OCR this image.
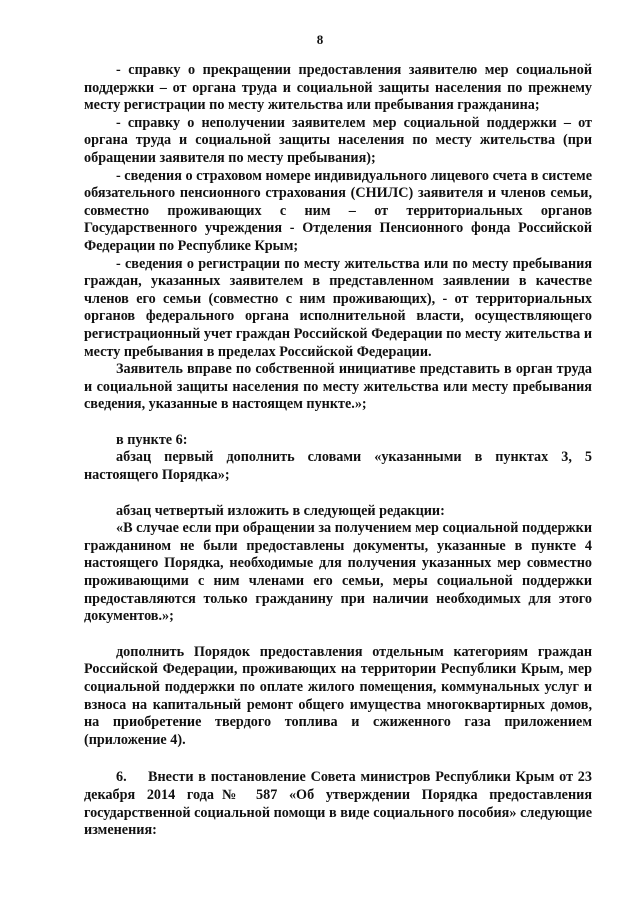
8

- справку о прекращении предоставления заявителю мер социальной поддержки – от органа труда и социальной защиты населения по прежнему месту регистрации по месту жительства или пребывания гражданина;

- справку о неполучении заявителем мер социальной поддержки – от органа труда и социальной защиты населения по месту жительства (при обращении заявителя по месту пребывания);

- сведения о страховом номере индивидуального лицевого счета в системе обязательного пенсионного страхования (СНИЛС) заявителя и членов семьи, совместно проживающих с ним – от территориальных органов Государственного учреждения - Отделения Пенсионного фонда Российской Федерации по Республике Крым;

- сведения о регистрации по месту жительства или по месту пребывания граждан, указанных заявителем в представленном заявлении в качестве членов его семьи (совместно с ним проживающих), - от территориальных органов федерального органа исполнительной власти, осуществляющего регистрационный учет граждан Российской Федерации по месту жительства и месту пребывания в пределах Российской Федерации.

Заявитель вправе по собственной инициативе представить в орган труда и социальной защиты населения по месту жительства или месту пребывания сведения, указанные в настоящем пункте.»;

в пункте 6:

абзац первый дополнить словами «указанными в пунктах 3, 5 настоящего Порядка»;

абзац четвертый изложить в следующей редакции:

«В случае если при обращении за получением мер социальной поддержки гражданином не были предоставлены документы, указанные в пункте 4 настоящего Порядка, необходимые для получения указанных мер совместно проживающими с ним членами его семьи, меры социальной поддержки предоставляются только гражданину при наличии необходимых для этого документов.»;

дополнить Порядок предоставления отдельным категориям граждан Российской Федерации, проживающих на территории Республики Крым, мер социальной поддержки по оплате жилого помещения, коммунальных услуг и взноса на капитальный ремонт общего имущества многоквартирных домов, на приобретение твердого топлива и сжиженного газа приложением (приложение 4).

6. Внести в постановление Совета министров Республики Крым от 23 декабря 2014 года№ 587 «Об утверждении Порядка предоставления государственной социальной помощи в виде социального пособия» следующие изменения:
